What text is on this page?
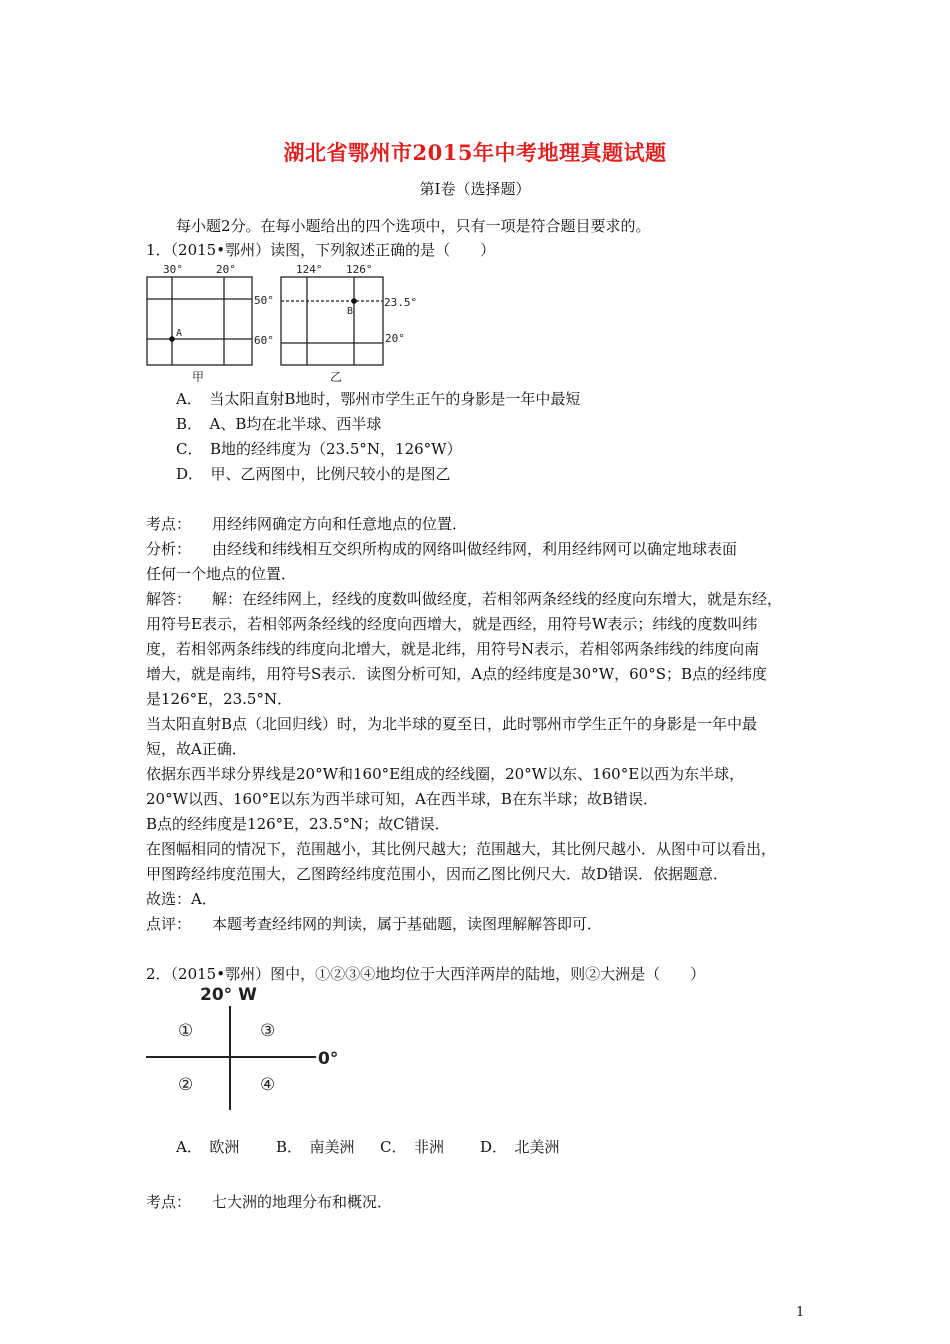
湖北省鄂州市2015年中考地理真题试题
第Ⅰ卷（选择题）
每小题2分。在每小题给出的四个选项中，只有一项是符合题目要求的。
1．（2015•鄂州）读图，下列叙述正确的是（　　）
30°	20°
50°
60°
A
124° 126°
23.5°
20°
B
甲	乙
A．　当太阳直射B地时，鄂州市学生正午的身影是一年中最短
B．　A、B均在北半球、西半球
C．　B地的经纬度为（23.5°N，126°W）
D．　甲、乙两图中，比例尺较小的是图乙
考点： 用经纬网确定方向和任意地点的位置．
分析： 由经线和纬线相互交织所构成的网络叫做经纬网，利用经纬网可以确定地球表面
任何一个地点的位置．
解答： 解：在经纬网上，经线的度数叫做经度，若相邻两条经线的经度向东增大，就是东经，
用符号E表示，若相邻两条经线的经度向西增大，就是西经，用符号W表示；纬线的度数叫纬
度，若相邻两条纬线的纬度向北增大，就是北纬，用符号N表示，若相邻两条纬线的纬度向南
增大，就是南纬，用符号S表示．读图分析可知，A点的经纬度是30°W，60°S；B点的经纬度
是126°E，23.5°N．
当太阳直射B点（北回归线）时，为北半球的夏至日，此时鄂州市学生正午的身影是一年中最
短，故A正确．
依据东西半球分界线是20°W和160°E组成的经线圈，20°W以东、160°E以西为东半球，
20°W以西、160°E以东为西半球可知，A在西半球，B在东半球；故B错误．
B点的经纬度是126°E，23.5°N；故C错误．
在图幅相同的情况下，范围越小，其比例尺越大；范围越大，其比例尺越小．从图中可以看出，
甲图跨经纬度范围大，乙图跨经纬度范围小，因而乙图比例尺大．故D错误．依据题意．
故选：A．
点评： 本题考查经纬网的判读，属于基础题，读图理解解答即可．
2．（2015•鄂州）图中，①②③④地均位于大西洋两岸的陆地，则②大洲是（　　）
20° W
0°
①	③
②	④
A．　欧洲 B．　南美洲 C．　非洲 D．　北美洲
考点： 七大洲的地理分布和概况．
1
